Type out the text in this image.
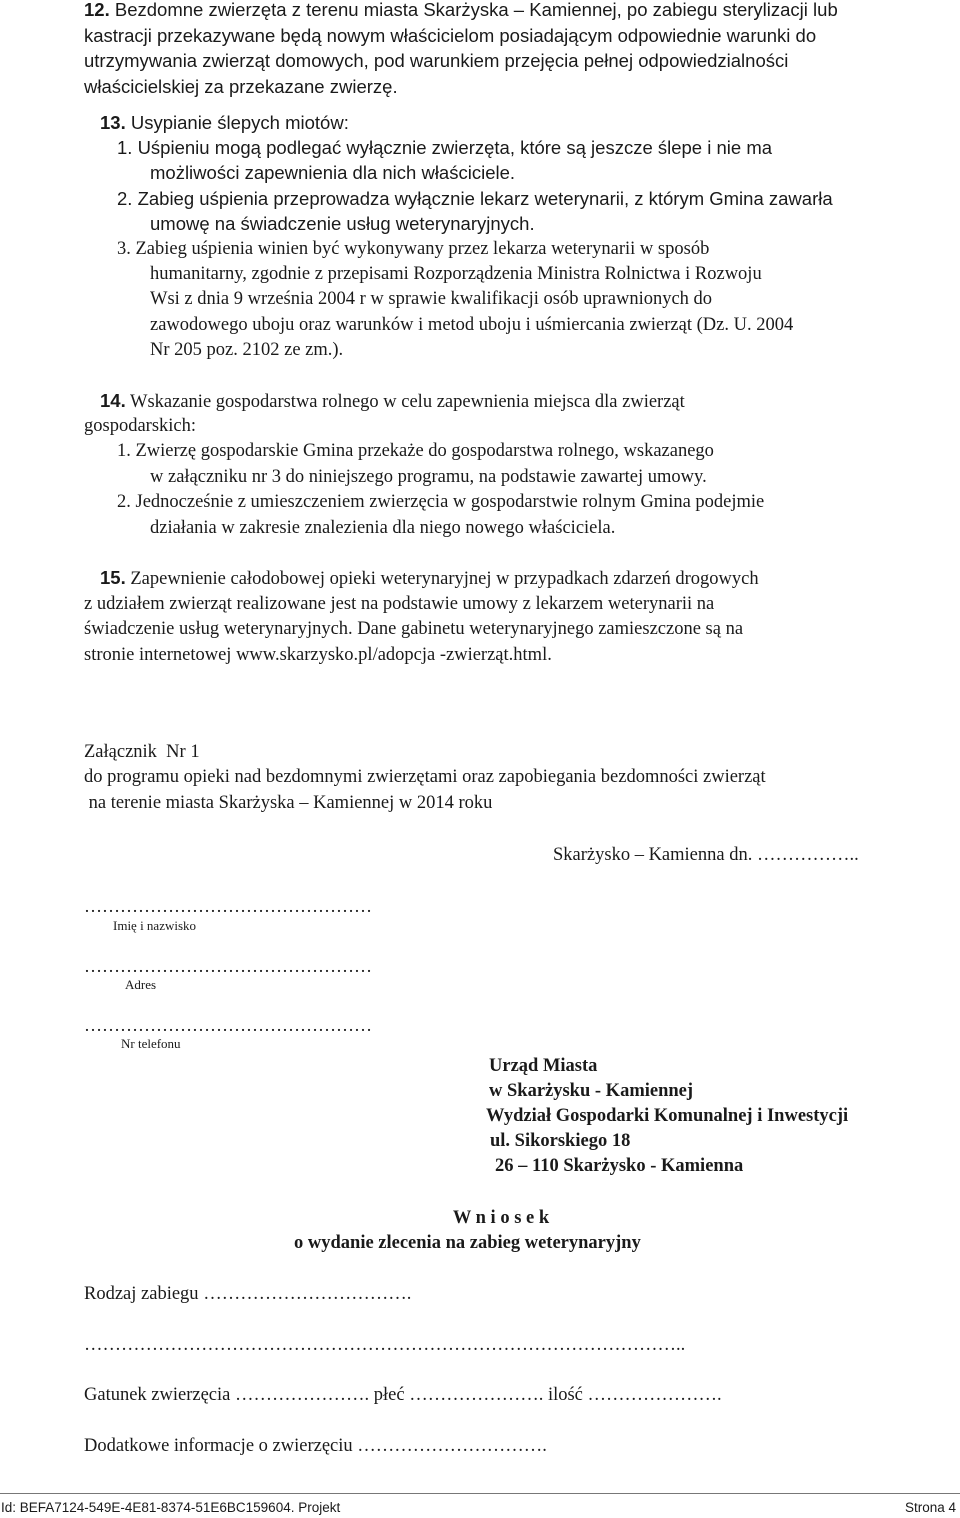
12. Bezdomne zwierzęta z terenu miasta Skarżyska – Kamiennej, po zabiegu sterylizacji lub
kastracji przekazywane będą nowym właścicielom posiadającym odpowiednie warunki do
utrzymywania zwierząt domowych, pod warunkiem przejęcia pełnej odpowiedzialności
właścicielskiej za przekazane zwierzę.
13. Usypianie ślepych miotów:
1. Uśpieniu mogą podlegać wyłącznie zwierzęta, które są jeszcze ślepe i nie ma
możliwości zapewnienia dla nich właściciele.
2. Zabieg uśpienia przeprowadza wyłącznie lekarz weterynarii, z którym Gmina zawarła
umowę na świadczenie usług weterynaryjnych.
3. Zabieg uśpienia winien być wykonywany przez lekarza weterynarii w sposób
humanitarny, zgodnie z przepisami Rozporządzenia Ministra Rolnictwa i Rozwoju
Wsi z dnia 9 września 2004 r w sprawie kwalifikacji osób uprawnionych do
zawodowego uboju oraz warunków i metod uboju i uśmiercania zwierząt (Dz. U. 2004
Nr 205 poz. 2102 ze zm.).
14. Wskazanie gospodarstwa rolnego w celu zapewnienia miejsca dla zwierząt
gospodarskich:
1. Zwierzę gospodarskie Gmina przekaże do gospodarstwa rolnego, wskazanego
w załączniku nr 3 do niniejszego programu, na podstawie zawartej umowy.
2. Jednocześnie z umieszczeniem zwierzęcia w gospodarstwie rolnym Gmina podejmie
działania w zakresie znalezienia dla niego nowego właściciela.
15. Zapewnienie całodobowej opieki weterynaryjnej w przypadkach zdarzeń drogowych
z udziałem zwierząt realizowane jest na podstawie umowy z lekarzem weterynarii na
świadczenie usług weterynaryjnych. Dane gabinetu weterynaryjnego zamieszczone są na
stronie internetowej www.skarzysko.pl/adopcja -zwierząt.html.
Załącznik  Nr 1
do programu opieki nad bezdomnymi zwierzętami oraz zapobiegania bezdomności zwierząt
na terenie miasta Skarżyska – Kamiennej w 2014 roku
Skarżysko – Kamienna dn. ……………..
…………………………………………
Imię i nazwisko
…………………………………………
Adres
…………………………………………
Nr telefonu
Urząd Miasta
w Skarżysku - Kamiennej
Wydział Gospodarki Komunalnej i Inwestycji
ul. Sikorskiego 18
26 – 110 Skarżysko - Kamienna
W n i o s e k
o wydanie zlecenia na zabieg weterynaryjny
Rodzaj zabiegu …………………………….
……………………………………………………………………………………..
Gatunek zwierzęcia …………………. płeć …………………. ilość ………………….
Dodatkowe informacje o zwierzęciu ………………………….
Id: BEFA7124-549E-4E81-8374-51E6BC159604. Projekt	Strona 4
